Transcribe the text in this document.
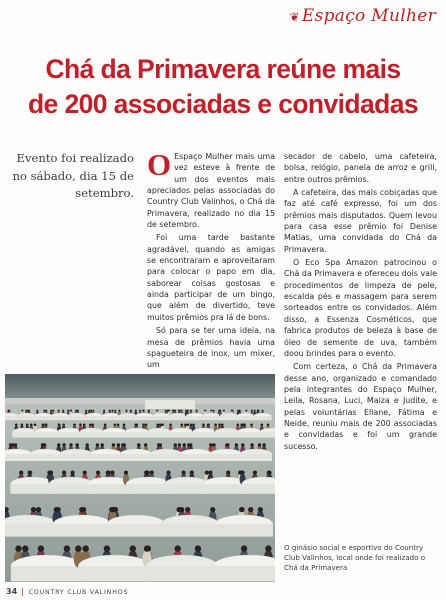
❦ Espaço Mulher
Chá da Primavera reúne mais
de 200 associadas e convidadas
Evento foi realizado no sábado, dia 15 de setembro.

O Espaço Mulher mais uma vez esteve à frente de um dos eventos mais apreciados pelas associadas do Country Club Valinhos, o Chá da Primavera, realizado no dia 15 de setembro.

Foi uma tarde bastante agradável, quando as amigas se encontraram e aproveitaram para colocar o papo em dia, saborear coisas gostosas e ainda participar de um bingo, que além de divertido, teve muitos prêmios pra lá de bons.

Só para se ter uma ideia, na mesa de prêmios havia uma spagueteira de inox, um mixer, um

secador de cabelo, uma cafeteira, bolsa, relógio, panela de arroz e grill, entre outros prêmios.

A cafeteira, das mais cobiçadas que faz até café expresso, foi um dos prêmios mais disputados. Quem levou para casa esse prêmio foi Denise Matias, uma convidada do Chá da Primavera.

O Eco Spa Amazon patrocinou o Chá da Primavera e ofereceu dois vale procedimentos de limpeza de pele, escalda pés e massagem para serem sorteados entre os convidados. Além disso, a Essenza Cosméticos, que fabrica produtos de beleza à base de óleo de semente de uva, também doou brindes para o evento.

Com certeza, o Chá da Primavera desse ano, organizado e comandado pela integrantes do Espaço Mulher, Leila, Rosana, Luci, Maiza e Judite, e pelas voluntárias Eliane, Fátima e Neide, reuniu mais de 200 associadas e convidadas e foi um grande sucesso.

O ginásio social e esportivo do Country Club Valinhos, local onde foi realizado o Chá da Primavera
34 | COUNTRY CLUB VALINHOS
